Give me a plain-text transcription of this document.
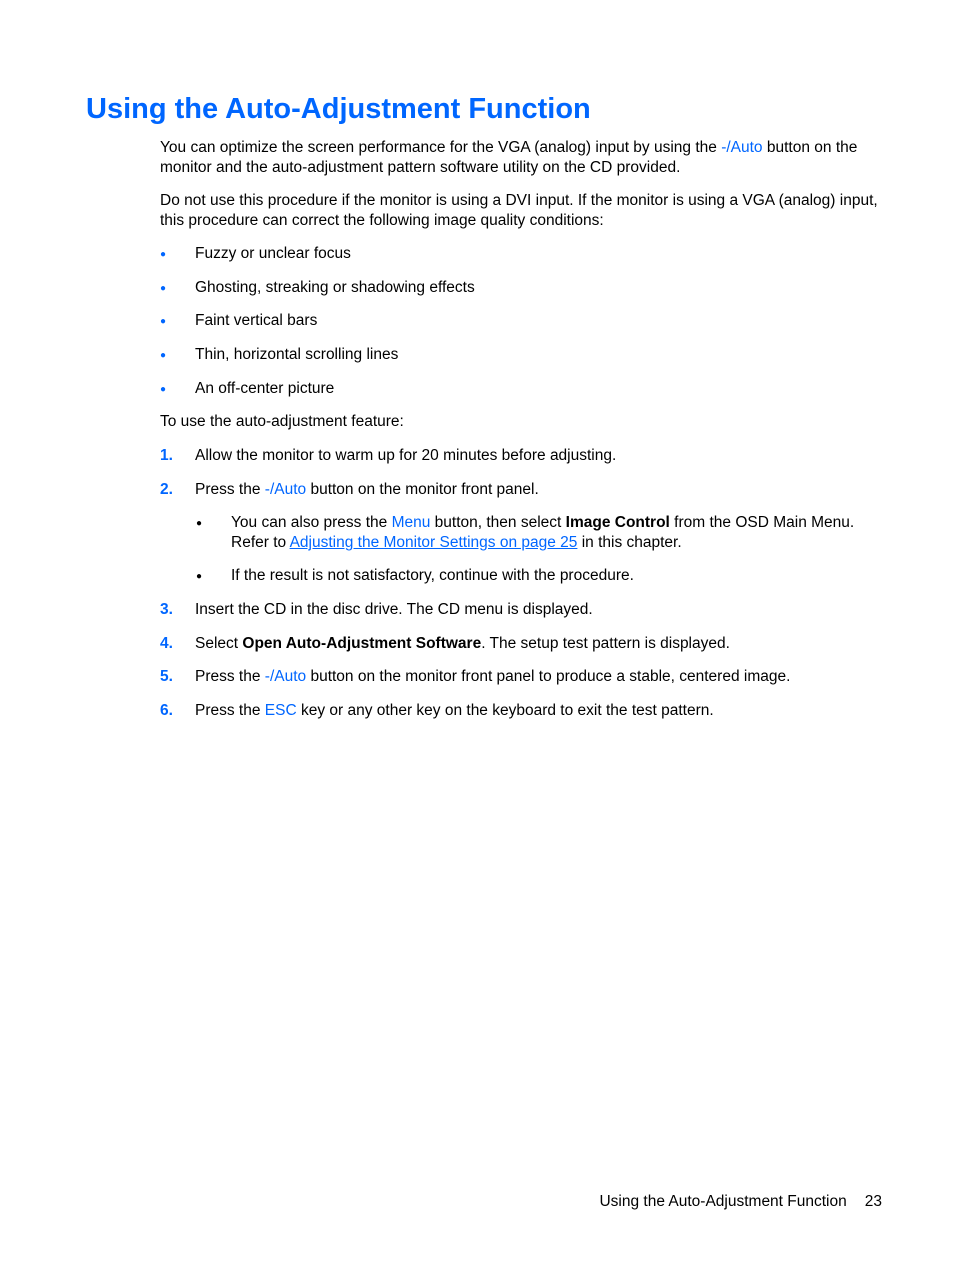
Using the Auto-Adjustment Function

You can optimize the screen performance for the VGA (analog) input by using the -/Auto button on the monitor and the auto-adjustment pattern software utility on the CD provided.

Do not use this procedure if the monitor is using a DVI input. If the monitor is using a VGA (analog) input, this procedure can correct the following image quality conditions:

●	Fuzzy or unclear focus
●	Ghosting, streaking or shadowing effects
●	Faint vertical bars
●	Thin, horizontal scrolling lines
●	An off-center picture

To use the auto-adjustment feature:

1.	Allow the monitor to warm up for 20 minutes before adjusting.
2.	Press the -/Auto button on the monitor front panel.
●	You can also press the Menu button, then select Image Control from the OSD Main Menu. Refer to Adjusting the Monitor Settings on page 25 in this chapter.
●	If the result is not satisfactory, continue with the procedure.
3.	Insert the CD in the disc drive. The CD menu is displayed.
4.	Select Open Auto-Adjustment Software. The setup test pattern is displayed.
5.	Press the -/Auto button on the monitor front panel to produce a stable, centered image.
6.	Press the ESC key or any other key on the keyboard to exit the test pattern.
Using the Auto-Adjustment Function 23
